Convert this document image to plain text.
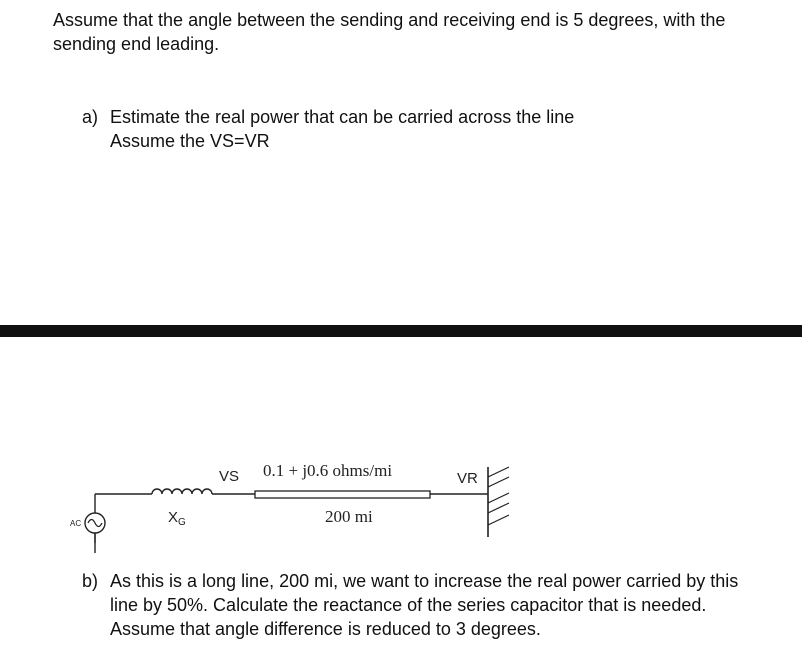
Assume that the angle between the sending and receiving end is 5 degrees, with the sending end leading.

a) Estimate the real power that can be carried across the line

Assume the VS=VR

AC	$X_G$
VS 0.1 + j0.6 ohms/mi
200 mi
VR
b) As this is a long line, 200 mi, we want to increase the real power carried by this

line by 50%. Calculate the reactance of the series capacitor that is needed.

Assume that angle difference is reduced to 3 degrees.
